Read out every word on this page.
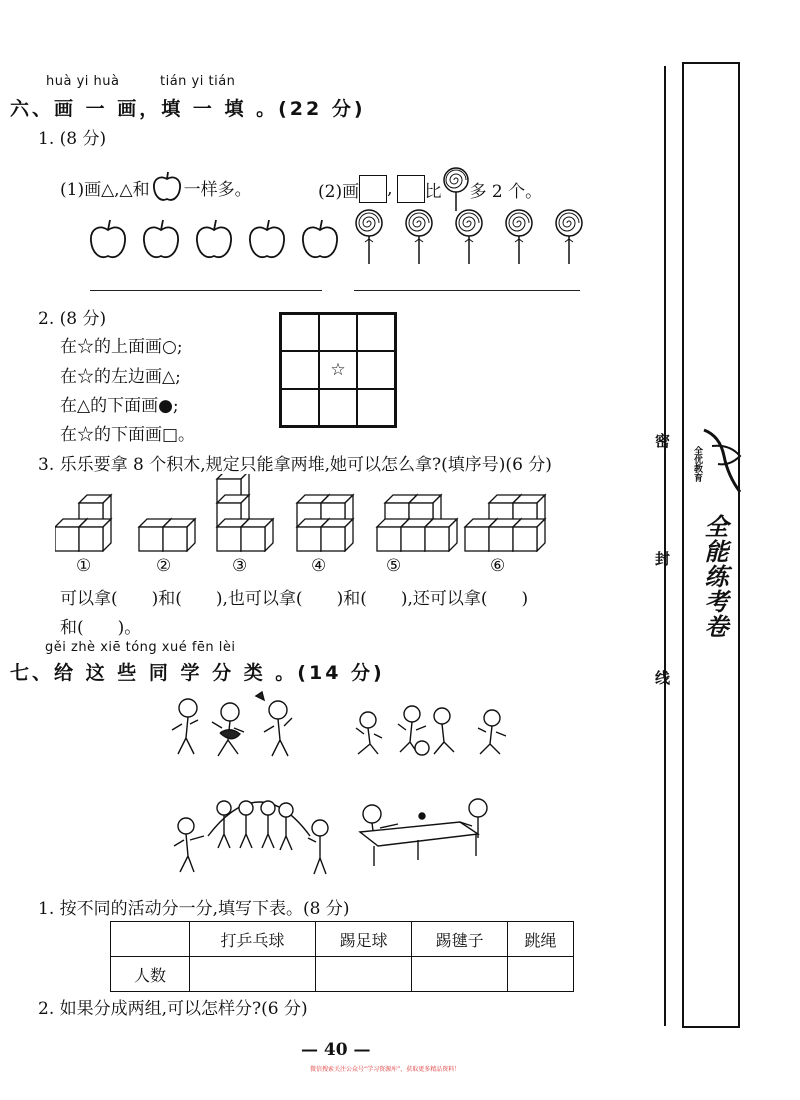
huà yi huà	tián yi tián
六、画 一 画，填 一 填 。(22 分)
1. (8 分)
(1)画△,△和 一样多。	(2)画 , 比 多 2 个。
2. (8 分)
在☆的上面画○;
在☆的左边画△;
在△的下面画●;
在☆的下面画□。
☆
3. 乐乐要拿 8 个积木,规定只能拿两堆,她可以怎么拿?(填序号)(6 分)
①	②	③	④	⑤	⑥
可以拿(　　)和(　　),也可以拿(　　)和(　　),还可以拿(　　)
和(　　)。
gěi zhè xiē tóng xué fēn lèi
七、给 这 些 同 学 分 类 。(14 分)
1. 按不同的活动分一分,填写下表。(8 分)
	打乒乓球	踢足球	踢毽子	跳绳
人数				
2. 如果分成两组,可以怎样分?(6 分)
密
封
线
全优教育
全能练考卷
— 40 —
微信搜索关注公众号“学习资源库”，获取更多精品资料！
